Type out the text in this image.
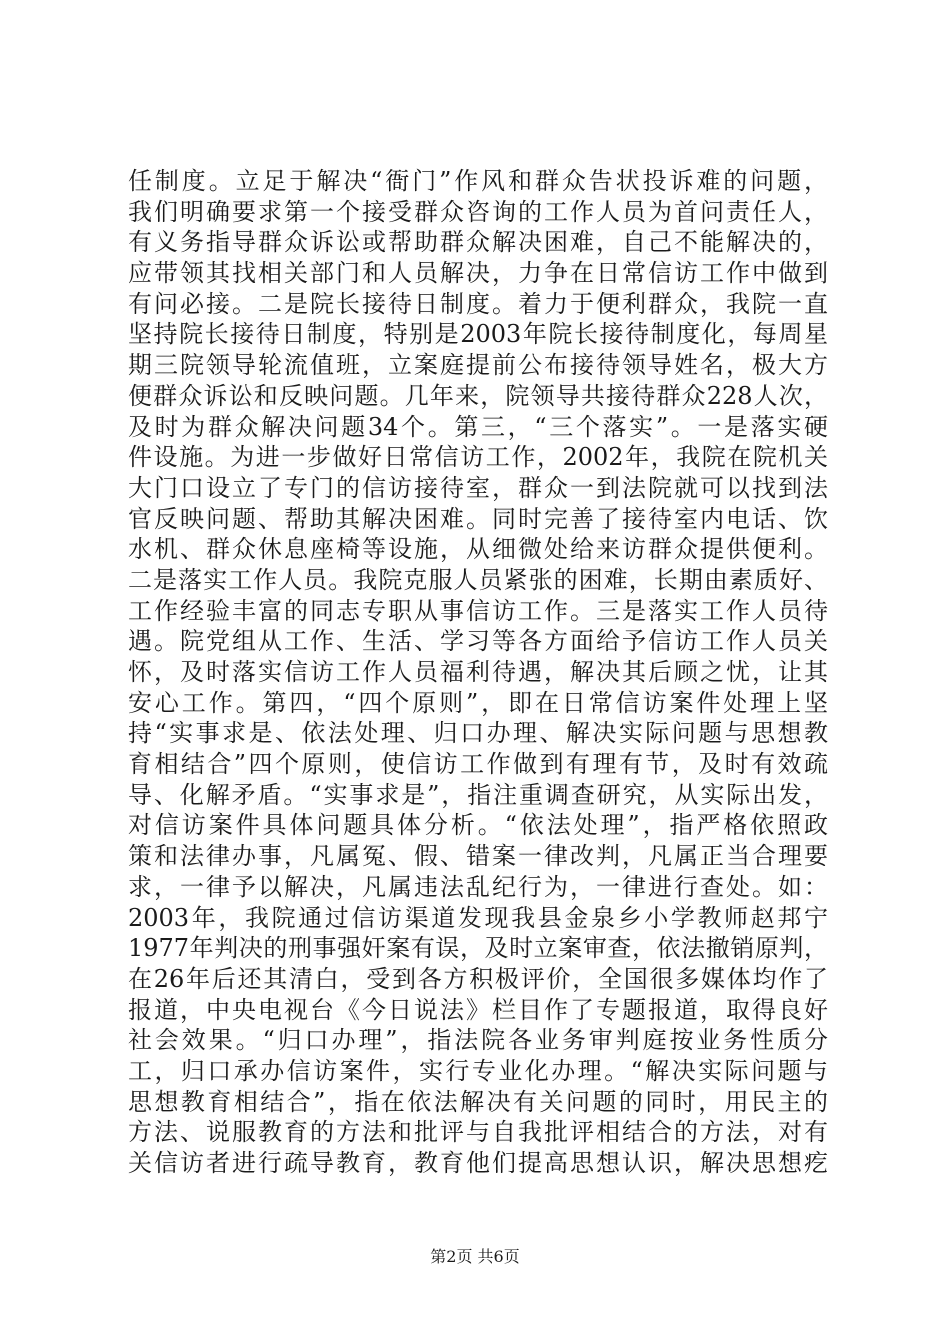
任制度。立足于解决“衙门”作风和群众告状投诉难的问题，
我们明确要求第一个接受群众咨询的工作人员为首问责任人，
有义务指导群众诉讼或帮助群众解决困难，自己不能解决的，
应带领其找相关部门和人员解决，力争在日常信访工作中做到
有问必接。二是院长接待日制度。着力于便利群众，我院一直
坚持院长接待日制度，特别是2003年院长接待制度化，每周星
期三院领导轮流值班，立案庭提前公布接待领导姓名，极大方
便群众诉讼和反映问题。几年来，院领导共接待群众228人次，
及时为群众解决问题34个。第三，“三个落实”。一是落实硬
件设施。为进一步做好日常信访工作，2002年，我院在院机关
大门口设立了专门的信访接待室，群众一到法院就可以找到法
官反映问题、帮助其解决困难。同时完善了接待室内电话、饮
水机、群众休息座椅等设施，从细微处给来访群众提供便利。
二是落实工作人员。我院克服人员紧张的困难，长期由素质好、
工作经验丰富的同志专职从事信访工作。三是落实工作人员待
遇。院党组从工作、生活、学习等各方面给予信访工作人员关
怀，及时落实信访工作人员福利待遇，解决其后顾之忧，让其
安心工作。第四，“四个原则”，即在日常信访案件处理上坚
持“实事求是、依法处理、归口办理、解决实际问题与思想教
育相结合”四个原则，使信访工作做到有理有节，及时有效疏
导、化解矛盾。“实事求是”，指注重调查研究，从实际出发，
对信访案件具体问题具体分析。“依法处理”，指严格依照政
策和法律办事，凡属冤、假、错案一律改判，凡属正当合理要
求，一律予以解决，凡属违法乱纪行为，一律进行查处。如：
2003年，我院通过信访渠道发现我县金泉乡小学教师赵邦宁
1977年判决的刑事强奸案有误，及时立案审查，依法撤销原判，
在26年后还其清白，受到各方积极评价，全国很多媒体均作了
报道，中央电视台《今日说法》栏目作了专题报道，取得良好
社会效果。“归口办理”，指法院各业务审判庭按业务性质分
工，归口承办信访案件，实行专业化办理。“解决实际问题与
思想教育相结合”，指在依法解决有关问题的同时，用民主的
方法、说服教育的方法和批评与自我批评相结合的方法，对有
关信访者进行疏导教育，教育他们提高思想认识，解决思想疙
第2页 共6页
